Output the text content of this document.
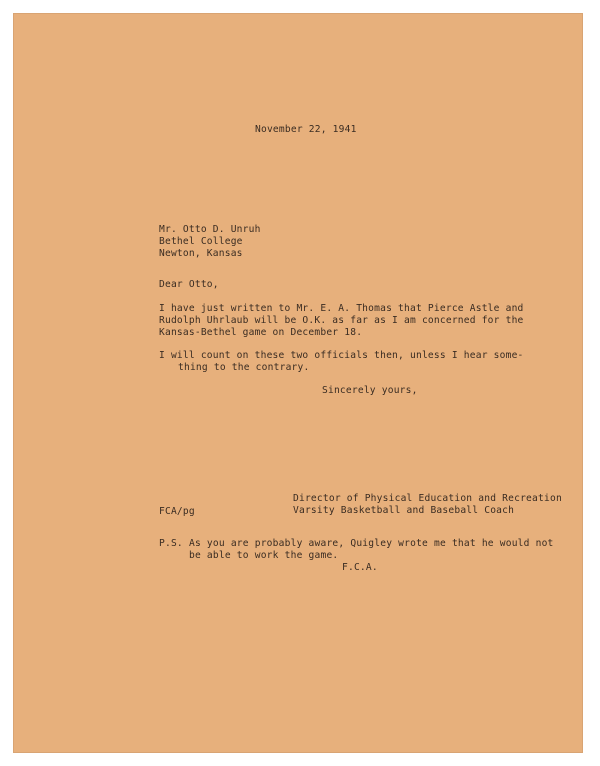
November 22, 1941
Mr. Otto D. Unruh
Bethel College
Newton, Kansas
Dear Otto,
I have just written to Mr. E. A. Thomas that Pierce Astle and
Rudolph Uhrlaub will be O.K. as far as I am concerned for the
Kansas-Bethel game on December 18.
I will count on these two officials then, unless I hear some-
thing to the contrary.
Sincerely yours,
FCA/pg
Director of Physical Education and Recreation
Varsity Basketball and Baseball Coach
P.S. As you are probably aware, Quigley wrote me that he would not
be able to work the game.
F.C.A.
